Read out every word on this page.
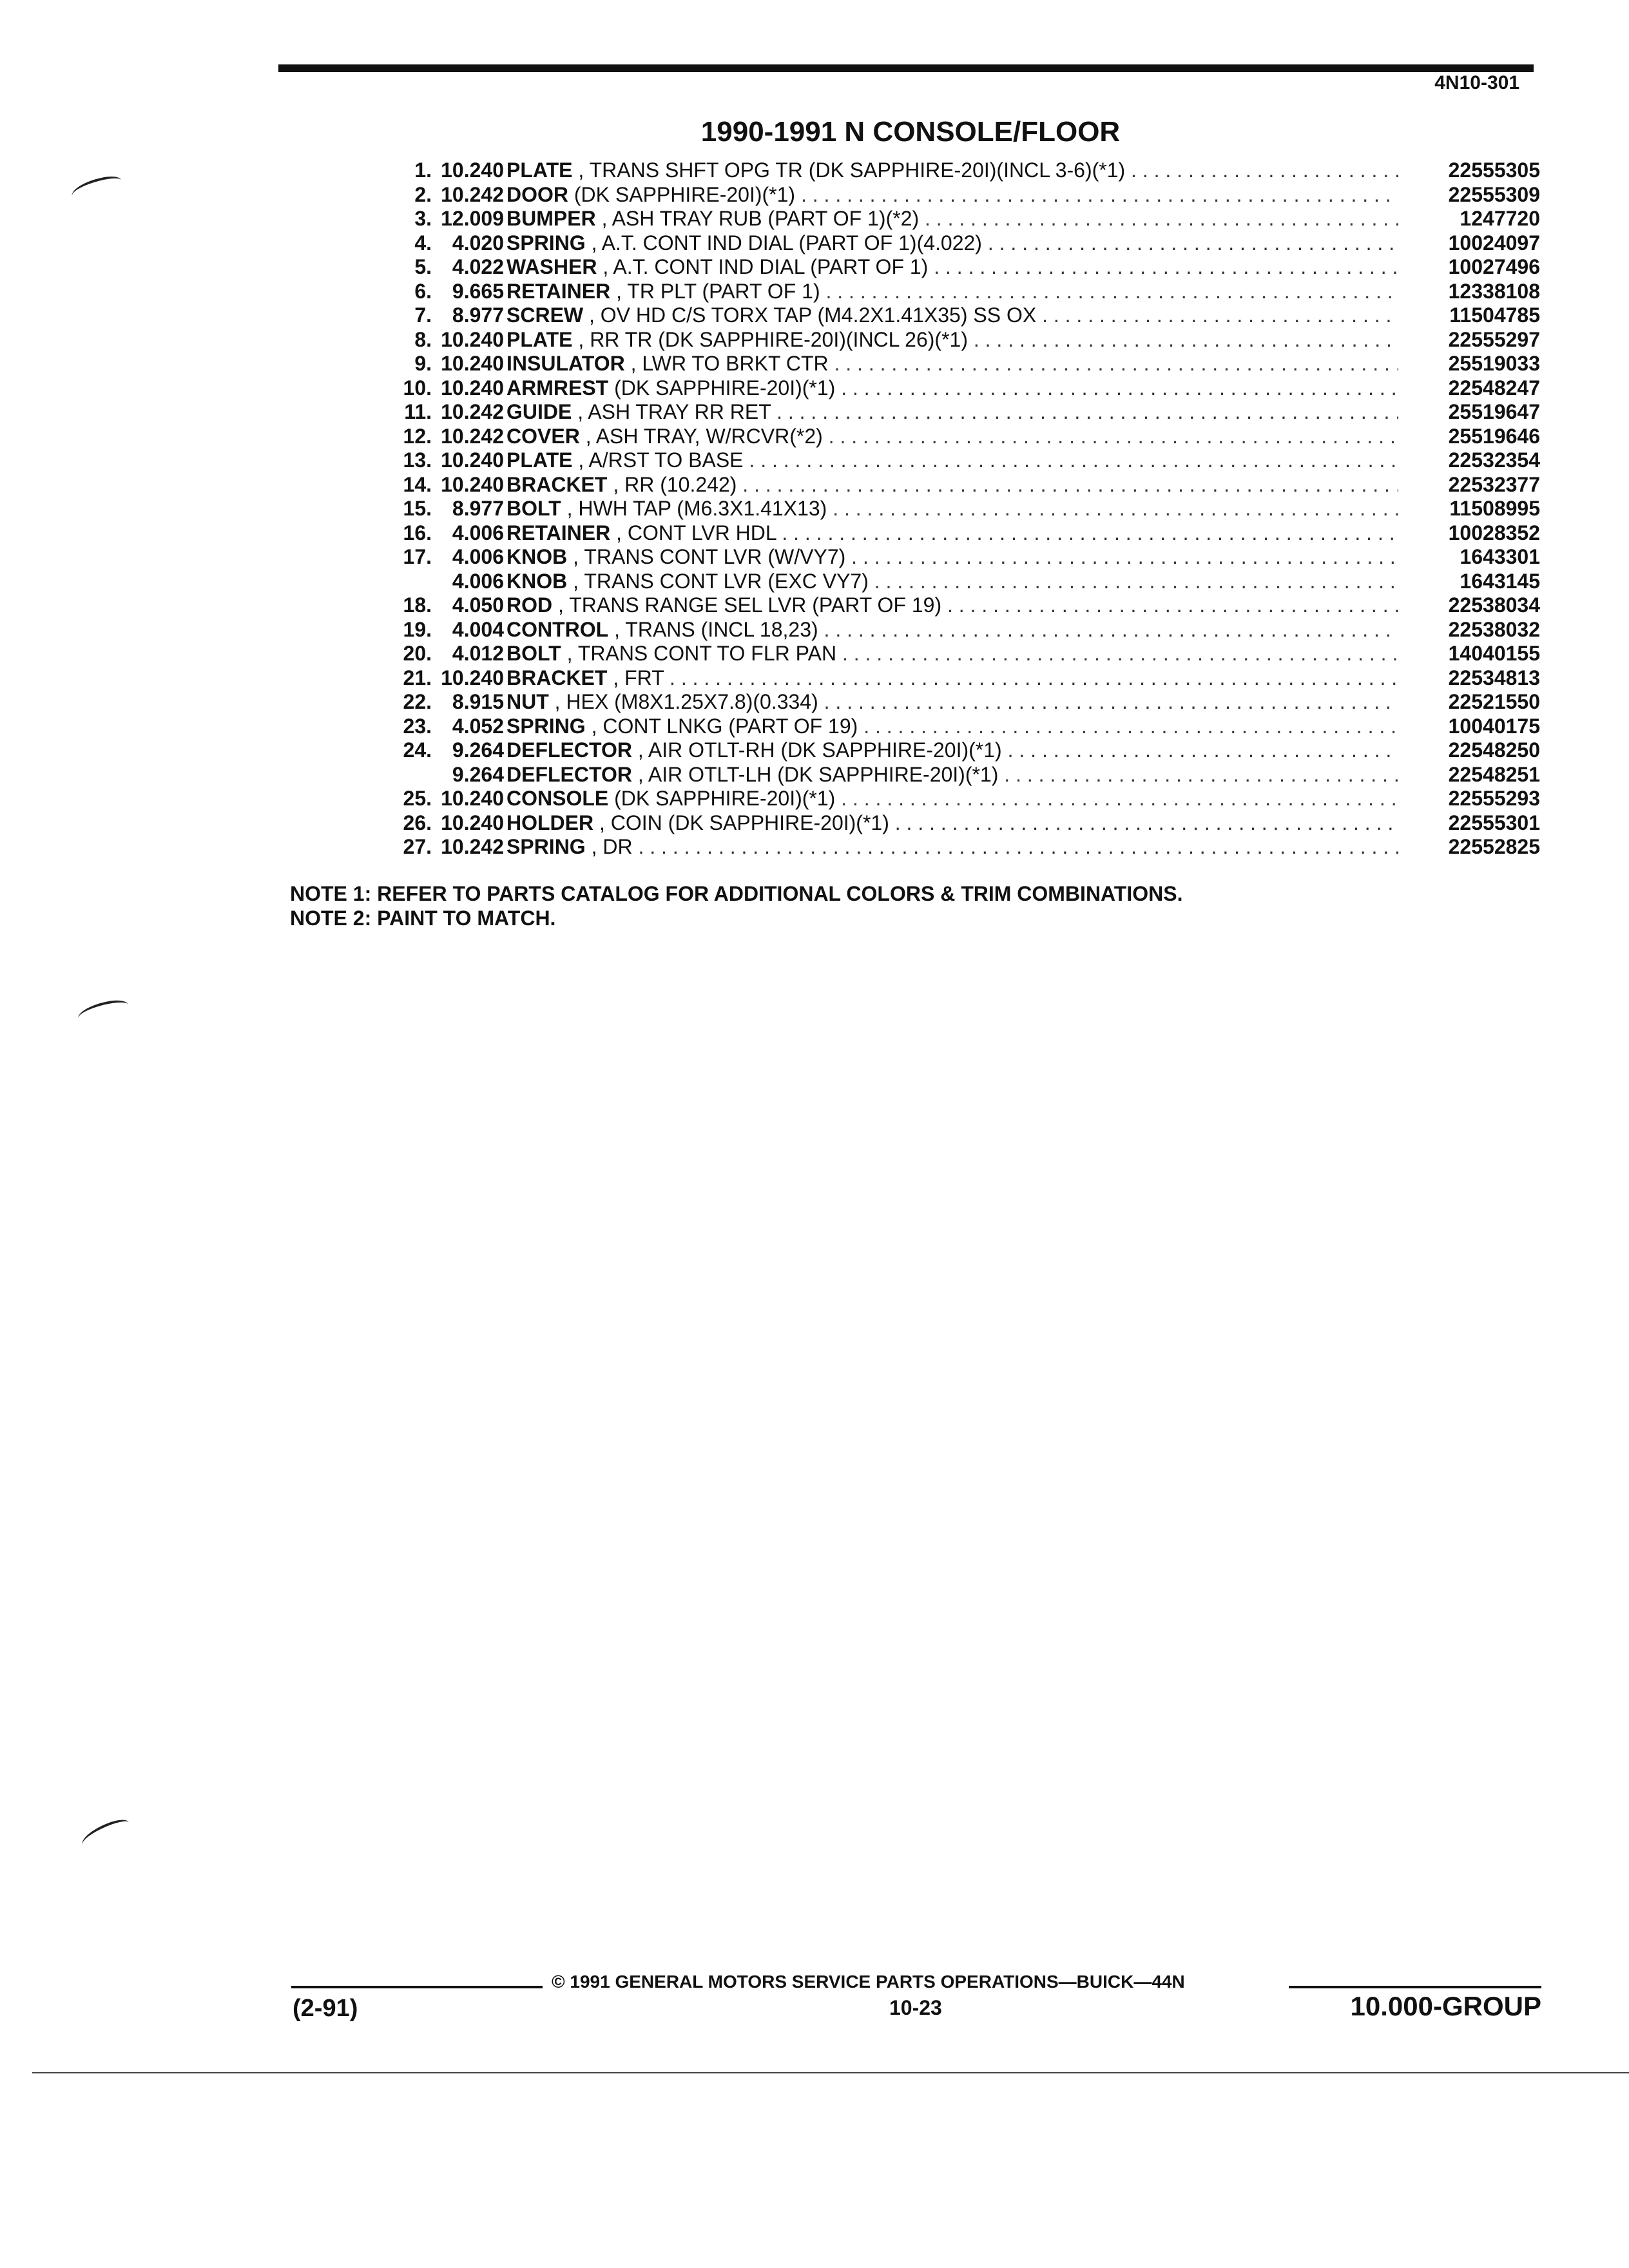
4N10-301
1990-1991 N CONSOLE/FLOOR
1. 10.240 PLATE , TRANS SHFT OPG TR (DK SAPPHIRE-20I)(INCL 3-6)(*1) . . .	22555305
2. 10.242 DOOR (DK SAPPHIRE-20I)(*1) . . .	22555309
3. 12.009 BUMPER , ASH TRAY RUB (PART OF 1)(*2) . . .	1247720
4. 4.020 SPRING , A.T. CONT IND DIAL (PART OF 1)(4.022) . . .	10024097
5. 4.022 WASHER , A.T. CONT IND DIAL (PART OF 1) . . .	10027496
6. 9.665 RETAINER , TR PLT (PART OF 1) . . .	12338108
7. 8.977 SCREW , OV HD C/S TORX TAP (M4.2X1.41X35) SS OX . . .	11504785
8. 10.240 PLATE , RR TR (DK SAPPHIRE-20I)(INCL 26)(*1) . . .	22555297
9. 10.240 INSULATOR , LWR TO BRKT CTR . . .	25519033
10. 10.240 ARMREST (DK SAPPHIRE-20I)(*1) . . .	22548247
11. 10.242 GUIDE , ASH TRAY RR RET . . .	25519647
12. 10.242 COVER , ASH TRAY, W/RCVR(*2) . . .	25519646
13. 10.240 PLATE , A/RST TO BASE . . .	22532354
14. 10.240 BRACKET , RR (10.242) . . .	22532377
15. 8.977 BOLT , HWH TAP (M6.3X1.41X13) . . .	11508995
16. 4.006 RETAINER , CONT LVR HDL . . .	10028352
17. 4.006 KNOB , TRANS CONT LVR (W/VY7) . . .	1643301
4.006 KNOB , TRANS CONT LVR (EXC VY7) . . .	1643145
18. 4.050 ROD , TRANS RANGE SEL LVR (PART OF 19) . . .	22538034
19. 4.004 CONTROL , TRANS (INCL 18,23) . . .	22538032
20. 4.012 BOLT , TRANS CONT TO FLR PAN . . .	14040155
21. 10.240 BRACKET , FRT . . .	22534813
22. 8.915 NUT , HEX (M8X1.25X7.8)(0.334) . . .	22521550
23. 4.052 SPRING , CONT LNKG (PART OF 19) . . .	10040175
24. 9.264 DEFLECTOR , AIR OTLT-RH (DK SAPPHIRE-20I)(*1) . . .	22548250
9.264 DEFLECTOR , AIR OTLT-LH (DK SAPPHIRE-20I)(*1) . . .	22548251
25. 10.240 CONSOLE (DK SAPPHIRE-20I)(*1) . . .	22555293
26. 10.240 HOLDER , COIN (DK SAPPHIRE-20I)(*1) . . .	22555301
27. 10.242 SPRING , DR . . .	22552825
NOTE 1: REFER TO PARTS CATALOG FOR ADDITIONAL COLORS & TRIM COMBINATIONS.
NOTE 2: PAINT TO MATCH.
© 1991 GENERAL MOTORS SERVICE PARTS OPERATIONS—BUICK—44N
(2-91)	10-23	10.000-GROUP
